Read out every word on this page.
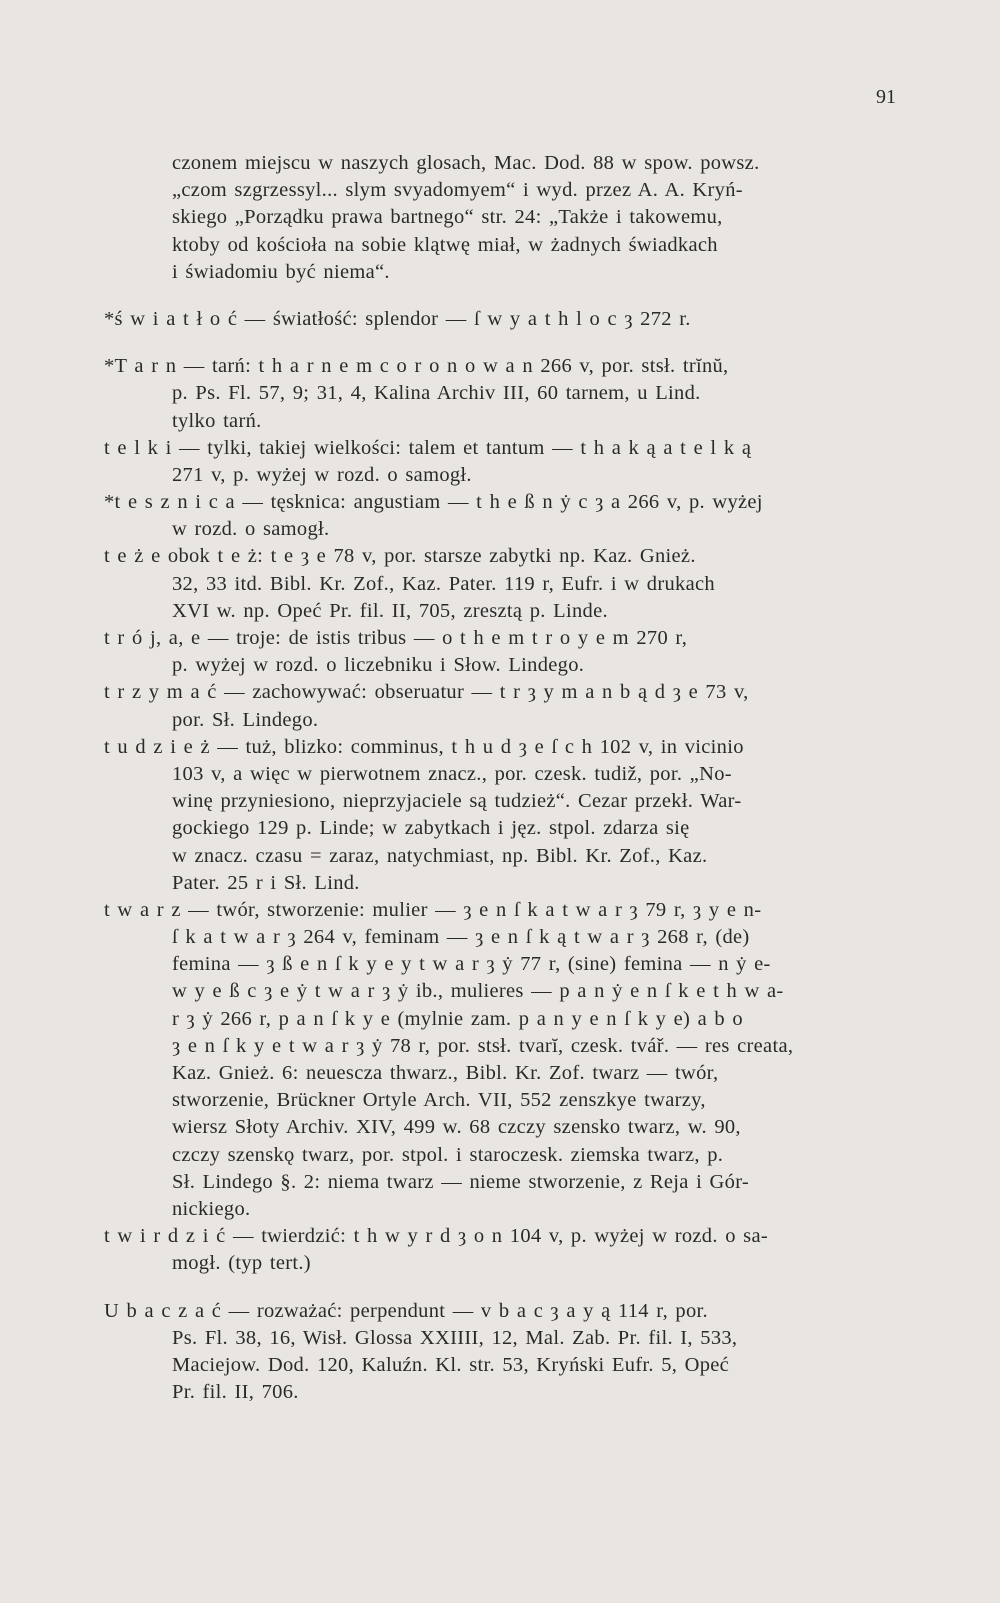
91
czonem miejscu w naszych glosach, Mac. Dod. 88 w spow. powsz.
„czom szgrzessyl... slym svyadomyem“ i wyd. przez A. A. Kryń-
skiego „Porządku prawa bartnego“ str. 24: „Także i takowemu,
ktoby od kościoła na sobie klątwę miał, w żadnych świadkach
i świadomiu być niema“.
*ś w i a t ł o ć — światłość: splendor — ſ w y a t h l o c ȝ 272 r.
*T a r n — tarń: t h a r n e m c o r o n o w a n 266 v, por. stsł. trĭnŭ,
p. Ps. Fl. 57, 9; 31, 4, Kalina Archiv III, 60 tarnem, u Lind.
tylko tarń.
t e l k i — tylki, takiej wielkości: talem et tantum — t h a k ą a t e l k ą
271 v, p. wyżej w rozd. o samogł.
*t e s z n i c a — tęsknica: angustiam — t h e ß n ẏ c ȝ a 266 v, p. wyżej
w rozd. o samogł.
t e ż e obok t e ż: t e ȝ e 78 v, por. starsze zabytki np. Kaz. Gnież.
32, 33 itd. Bibl. Kr. Zof., Kaz. Pater. 119 r, Eufr. i w drukach
XVI w. np. Opeć Pr. fil. II, 705, zresztą p. Linde.
t r ó j, a, e — troje: de istis tribus — o t h e m t r o y e m 270 r,
p. wyżej w rozd. o liczebniku i Słow. Lindego.
t r z y m a ć — zachowywać: obseruatur — t r ȝ y m a n b ą d ȝ e 73 v,
por. Sł. Lindego.
t u d z i e ż — tuż, blizko: comminus, t h u d ȝ e ſ c h 102 v, in vicinio
103 v, a więc w pierwotnem znacz., por. czesk. tudiž, por. „No-
winę przyniesiono, nieprzyjaciele są tudzież“. Cezar przekł. War-
gockiego 129 p. Linde; w zabytkach i jęz. stpol. zdarza się
w znacz. czasu = zaraz, natychmiast, np. Bibl. Kr. Zof., Kaz.
Pater. 25 r i Sł. Lind.
t w a r z — twór, stworzenie: mulier — ȝ e n ſ k a t w a r ȝ 79 r, ȝ y e n-
ſ k a t w a r ȝ 264 v, feminam — ȝ e n ſ k ą t w a r ȝ 268 r, (de)
femina — ȝ ß e n ſ k y e y t w a r ȝ ẏ 77 r, (sine) femina — n ẏ e-
w y e ß c ȝ e ẏ t w a r ȝ ẏ ib., mulieres — p a n ẏ e n ſ k e t h w a-
r ȝ ẏ 266 r, p a n ſ k y e (mylnie zam. p a n y e n ſ k y e) a b o
ȝ e n ſ k y e t w a r ȝ ẏ 78 r, por. stsł. tvarĭ, czesk. tvář. — res creata,
Kaz. Gnież. 6: neuescza thwarz., Bibl. Kr. Zof. twarz — twór,
stworzenie, Brückner Ortyle Arch. VII, 552 zenszkye twarzy,
wiersz Słoty Archiv. XIV, 499 w. 68 czczy szensko twarz, w. 90,
czczy szenskǫ twarz, por. stpol. i staroczesk. ziemska twarz, p.
Sł. Lindego §. 2: niema twarz — nieme stworzenie, z Reja i Gór-
nickiego.
t w i r d z i ć — twierdzić: t h w y r d ȝ o n 104 v, p. wyżej w rozd. o sa-
mogł. (typ tert.)
U b a c z a ć — rozważać: perpendunt — v b a c ȝ a y ą 114 r, por.
Ps. Fl. 38, 16, Wisł. Glossa XXIIII, 12, Mal. Zab. Pr. fil. I, 533,
Maciejow. Dod. 120, Kaluźn. Kl. str. 53, Kryński Eufr. 5, Opeć
Pr. fil. II, 706.
